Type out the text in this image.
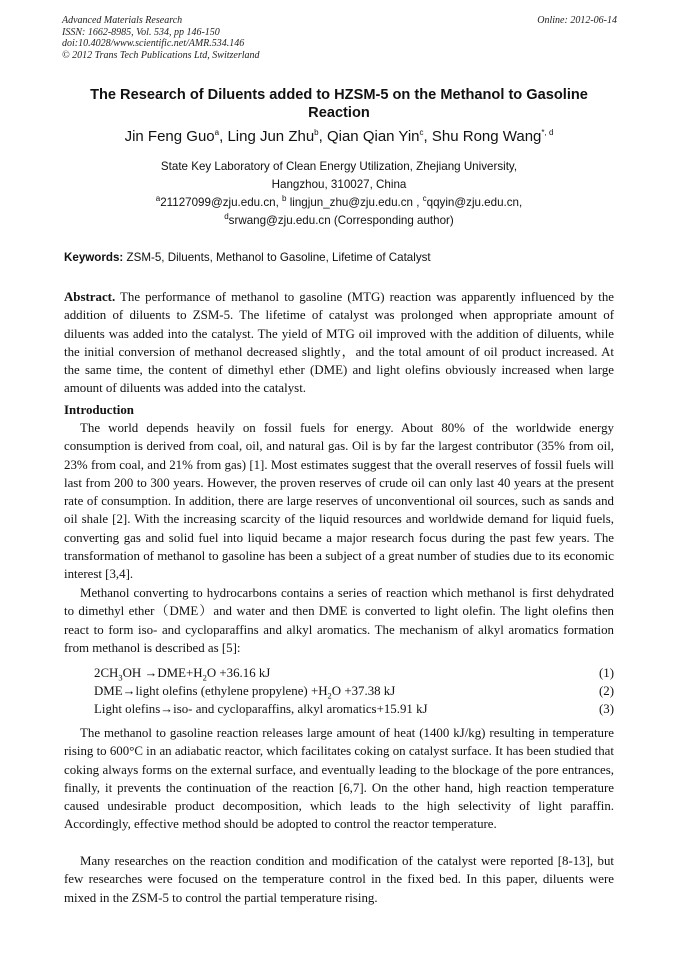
Advanced Materials Research
ISSN: 1662-8985, Vol. 534, pp 146-150
doi:10.4028/www.scientific.net/AMR.534.146
© 2012 Trans Tech Publications Ltd, Switzerland
Online: 2012-06-14
The Research of Diluents added to HZSM-5 on the Methanol to Gasoline
Reaction
Jin Feng Guo$^a$, Ling Jun Zhu$^b$, Qian Qian Yin$^c$, Shu Rong Wang$^{*, d}$
State Key Laboratory of Clean Energy Utilization, Zhejiang University,
Hangzhou, 310027, China
$^a$21127099@zju.edu.cn, $^b$ lingjun_zhu@zju.edu.cn , $^c$qqyin@zju.edu.cn,
$^d$srwang@zju.edu.cn (Corresponding author)
Keywords: ZSM-5, Diluents, Methanol to Gasoline, Lifetime of Catalyst
Abstract. The performance of methanol to gasoline (MTG) reaction was apparently influenced by the addition of diluents to ZSM-5. The lifetime of catalyst was prolonged when appropriate amount of diluents was added into the catalyst. The yield of MTG oil improved with the addition of diluents, while the initial conversion of methanol decreased slightly，and the total amount of oil product increased. At the same time, the content of dimethyl ether (DME) and light olefins obviously increased when large amount of diluents was added into the catalyst.
Introduction
The world depends heavily on fossil fuels for energy. About 80% of the worldwide energy consumption is derived from coal, oil, and natural gas. Oil is by far the largest contributor (35% from oil, 23% from coal, and 21% from gas) [1]. Most estimates suggest that the overall reserves of fossil fuels will last from 200 to 300 years. However, the proven reserves of crude oil can only last 40 years at the present rate of consumption. In addition, there are large reserves of unconventional oil sources, such as sands and oil shale [2]. With the increasing scarcity of the liquid resources and worldwide demand for liquid fuels, converting gas and solid fuel into liquid became a major research focus during the past few years. The transformation of methanol to gasoline has been a subject of a great number of studies due to its economic interest [3,4].
Methanol converting to hydrocarbons contains a series of reaction which methanol is first dehydrated to dimethyl ether（DME）and water and then DME is converted to light olefin. The light olefins then react to form iso- and cycloparaffins and alkyl aromatics. The mechanism of alkyl aromatics formation from methanol is described as [5]:
$2CH_3OH \to DME+H_2O +36.16$ kJ	(1)
DME→light olefins (ethylene propylene) $+H_2O +37.38$ kJ	(2)
Light olefins→iso- and cycloparaffins, alkyl aromatics+15.91 kJ	(3)
The methanol to gasoline reaction releases large amount of heat (1400 kJ/kg) resulting in temperature rising to 600°C in an adiabatic reactor, which facilitates coking on catalyst surface. It has been studied that coking always forms on the external surface, and eventually leading to the blockage of the pore entrances, finally, it prevents the continuation of the reaction [6,7]. On the other hand, high reaction temperature caused undesirable product decomposition, which leads to the high selectivity of light paraffin. Accordingly, effective method should be adopted to control the reactor temperature.
Many researches on the reaction condition and modification of the catalyst were reported [8-13], but few researches were focused on the temperature control in the fixed bed. In this paper, diluents were mixed in the ZSM-5 to control the partial temperature rising.
